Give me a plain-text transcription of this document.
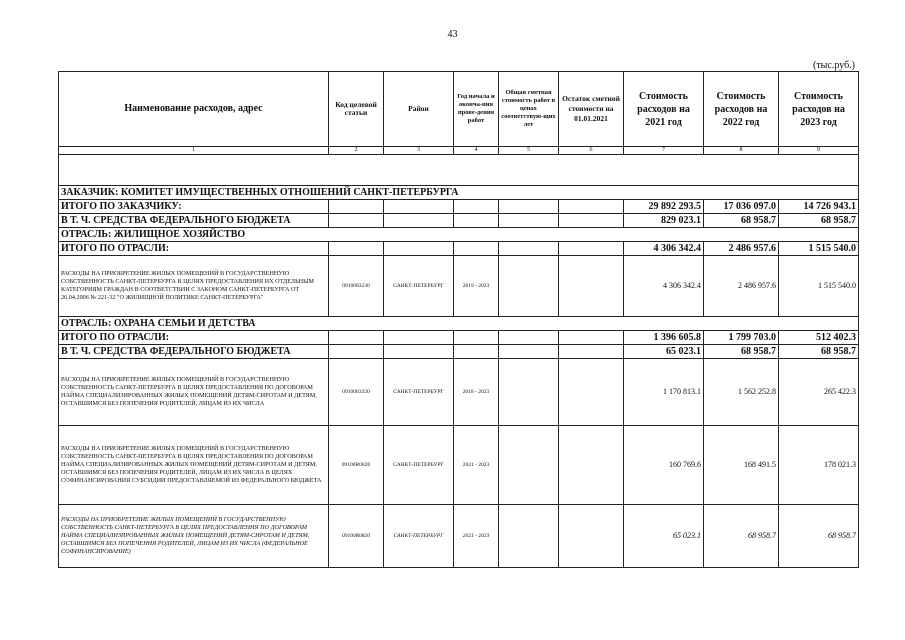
43
(тыс.руб.)
Наименование расходов, адрес	Код целевой статьи	Район	Год начала и оконча-ния прове-дения работ	Общая сметная стоимость работ в ценах соответствую-щих лет	Остаток сметной стоимости на 01.01.2021	Стоимость расходов на 2021 год	Стоимость расходов на 2022 год	Стоимость расходов на 2023 год
1	2	3	4	5	6	7	8	9

ЗАКАЗЧИК: КОМИТЕТ ИМУЩЕСТВЕННЫХ ОТНОШЕНИЙ САНКТ-ПЕТЕРБУРГА								
ИТОГО ПО ЗАКАЗЧИКУ:						29 892 293.5	17 036 097.0	14 726 943.1
В Т. Ч. СРЕДСТВА ФЕДЕРАЛЬНОГО БЮДЖЕТА						829 023.1	68 958.7	68 958.7
ОТРАСЛЬ: ЖИЛИЩНОЕ ХОЗЯЙСТВО								
ИТОГО ПО ОТРАСЛИ:						4 306 342.4	2 486 957.6	1 515 540.0
РАСХОДЫ НА ПРИОБРЕТЕНИЕ ЖИЛЫХ ПОМЕЩЕНИЙ В ГОСУДАРСТВЕННУЮ СОБСТВЕННОСТЬ САНКТ-ПЕТЕРБУРГА В ЦЕЛЯХ ПРЕДОСТАВЛЕНИЯ ИХ ОТДЕЛЬНЫМ КАТЕГОРИЯМ ГРАЖДАН В СООТВЕТСТВИИ С ЗАКОНОМ САНКТ-ПЕТЕРБУРГА ОТ 26.04.2006 № 221-32 "О ЖИЛИЩНОЙ ПОЛИТИКЕ САНКТ-ПЕТЕРБУРГА"	0910083230	САНКТ-ПЕТЕРБУРГ	2019 - 2023			4 306 342.4	2 486 957.6	1 515 540.0
ОТРАСЛЬ: ОХРАНА СЕМЬИ И ДЕТСТВА								
ИТОГО ПО ОТРАСЛИ:						1 396 605.8	1 799 703.0	512 402.3
В Т. Ч. СРЕДСТВА ФЕДЕРАЛЬНОГО БЮДЖЕТА						65 023.1	68 958.7	68 958.7
РАСХОДЫ НА ПРИОБРЕТЕНИЕ ЖИЛЫХ ПОМЕЩЕНИЙ В ГОСУДАРСТВЕННУЮ СОБСТВЕННОСТЬ САНКТ-ПЕТЕРБУРГА В ЦЕЛЯХ ПРЕДОСТАВЛЕНИЯ ПО ДОГОВОРАМ НАЙМА СПЕЦИАЛИЗИРОВАННЫХ ЖИЛЫХ ПОМЕЩЕНИЙ ДЕТЯМ-СИРОТАМ И ДЕТЯМ, ОСТАВШИМСЯ БЕЗ ПОПЕЧЕНИЯ РОДИТЕЛЕЙ, ЛИЦАМ ИЗ ИХ ЧИСЛА	0910083320	САНКТ-ПЕТЕРБУРГ	2018 - 2023			1 170 813.1	1 562 252.8	265 422.3
РАСХОДЫ НА ПРИОБРЕТЕНИЕ ЖИЛЫХ ПОМЕЩЕНИЙ В ГОСУДАРСТВЕННУЮ СОБСТВЕННОСТЬ САНКТ-ПЕТЕРБУРГА В ЦЕЛЯХ ПРЕДОСТАВЛЕНИЯ ПО ДОГОВОРАМ НАЙМА СПЕЦИАЛИЗИРОВАННЫХ ЖИЛЫХ ПОМЕЩЕНИЙ ДЕТЯМ-СИРОТАМ И ДЕТЯМ, ОСТАВШИМСЯ БЕЗ ПОПЕЧЕНИЯ РОДИТЕЛЕЙ, ЛИЦАМ ИЗ ИХ ЧИСЛА В ЦЕЛЯХ СОФИНАНСИРОВАНИЯ СУБСИДИИ ПРЕДОСТАВЛЯЕМОЙ ИЗ ФЕДЕРАЛЬНОГО БЮДЖЕТА	09100R0820	САНКТ-ПЕТЕРБУРГ	2021 - 2023			160 769.6	168 491.5	178 021.3
РАСХОДЫ НА ПРИОБРЕТЕНИЕ ЖИЛЫХ ПОМЕЩЕНИЙ В ГОСУДАРСТВЕННУЮ СОБСТВЕННОСТЬ САНКТ-ПЕТЕРБУРГА В ЦЕЛЯХ ПРЕДОСТАВЛЕНИЯ ПО ДОГОВОРАМ НАЙМА СПЕЦИАЛИЗИРОВАННЫХ ЖИЛЫХ ПОМЕЩЕНИЙ ДЕТЯМ-СИРОТАМ И ДЕТЯМ, ОСТАВШИМСЯ БЕЗ ПОПЕЧЕНИЯ РОДИТЕЛЕЙ, ЛИЦАМ ИЗ ИХ ЧИСЛА (ФЕДЕРАЛЬНОЕ СОФИНАНСИРОВАНИЕ)	09100R0820	САНКТ-ПЕТЕРБУРГ	2021 - 2023			65 023.1	68 958.7	68 958.7
